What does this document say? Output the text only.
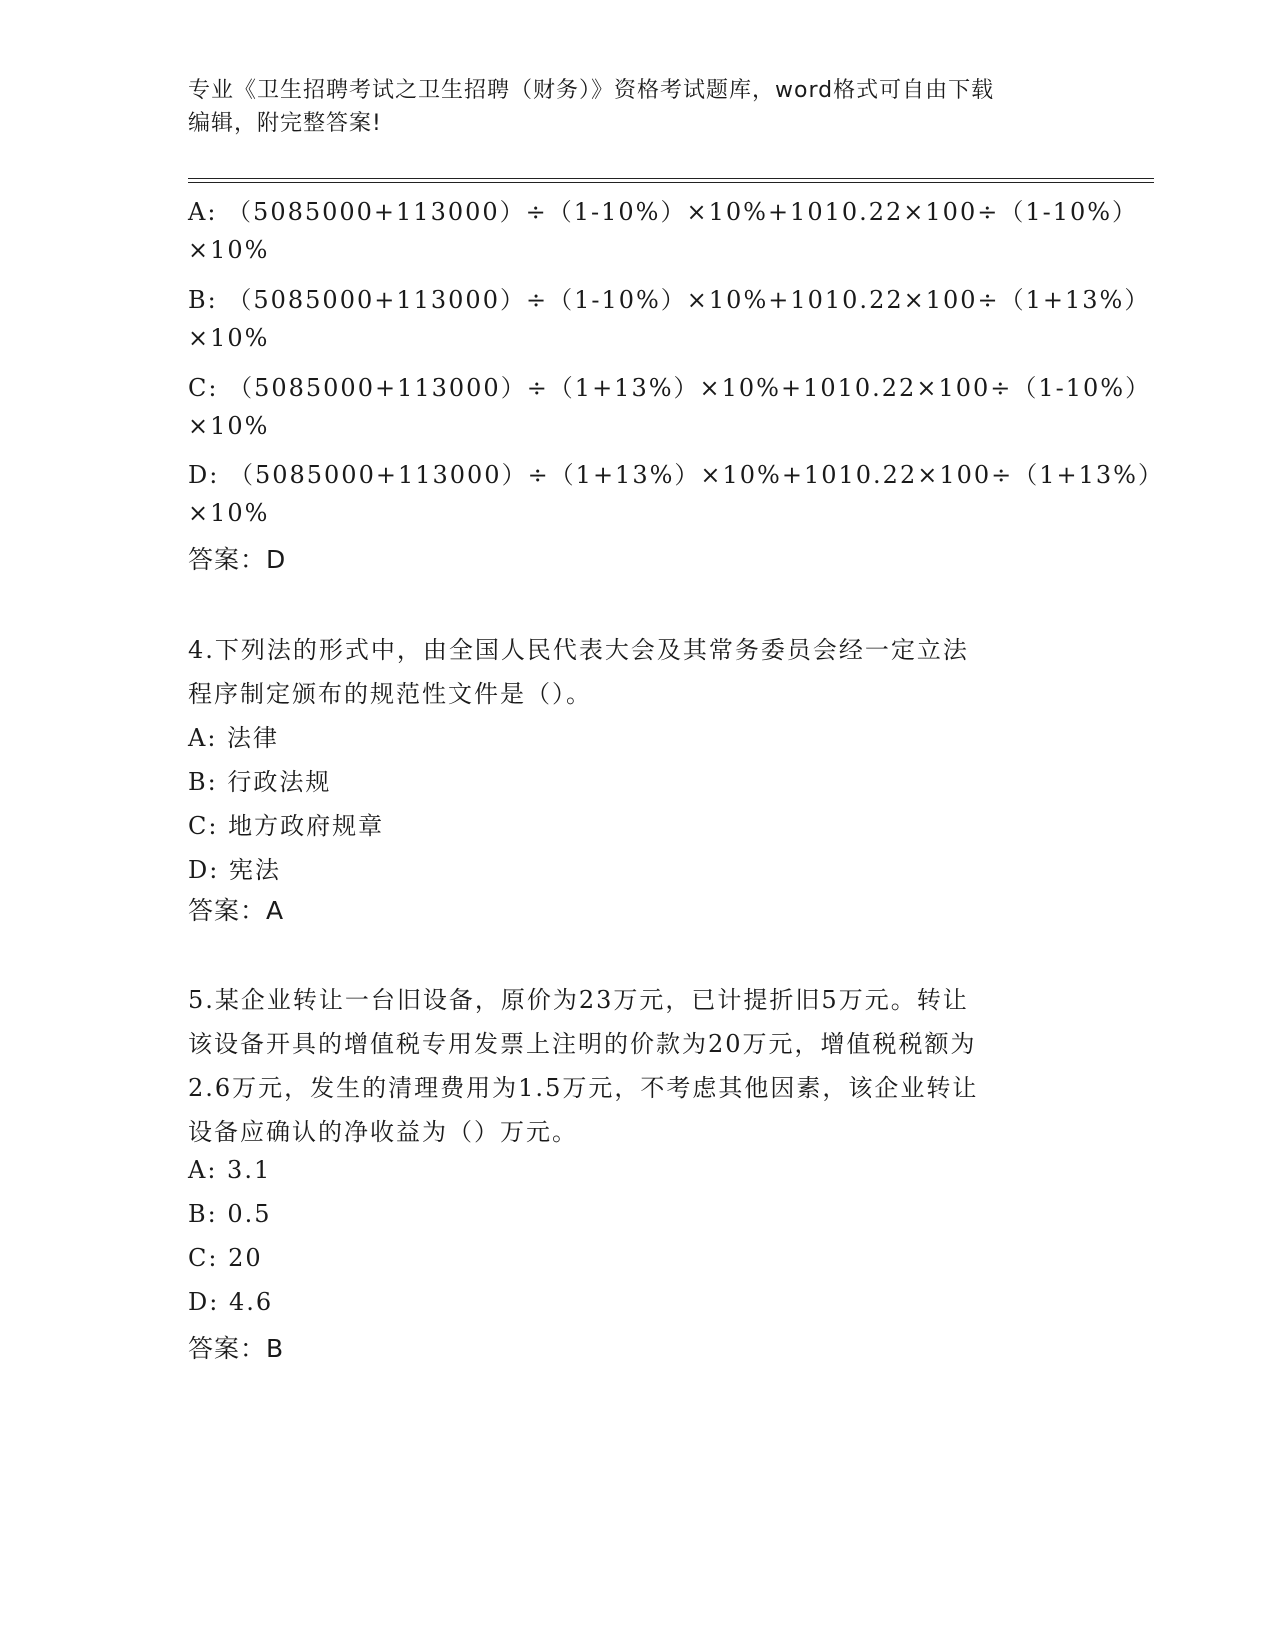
专业《卫生招聘考试之卫生招聘（财务）》资格考试题库，word格式可自由下载
编辑，附完整答案!
A: （5085000+113000）÷（1-10%）×10%+1010.22×100÷（1-10%）
×10%
B: （5085000+113000）÷（1-10%）×10%+1010.22×100÷（1+13%）
×10%
C: （5085000+113000）÷（1+13%）×10%+1010.22×100÷（1-10%）
×10%
D: （5085000+113000）÷（1+13%）×10%+1010.22×100÷（1+13%）
×10%
答案：D
4.下列法的形式中，由全国人民代表大会及其常务委员会经一定立法
程序制定颁布的规范性文件是（）。
A: 法律
B: 行政法规
C: 地方政府规章
D: 宪法
答案：A
5.某企业转让一台旧设备，原价为23万元，已计提折旧5万元。转让
该设备开具的增值税专用发票上注明的价款为20万元，增值税税额为
2.6万元，发生的清理费用为1.5万元，不考虑其他因素，该企业转让
设备应确认的净收益为（）万元。
A: 3.1
B: 0.5
C: 20
D: 4.6
答案：B
